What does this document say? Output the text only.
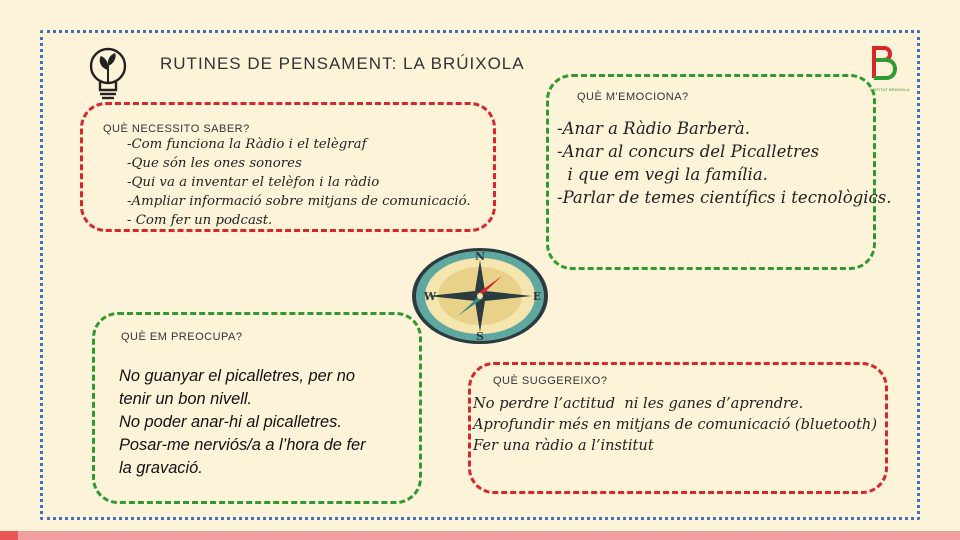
RUTINES DE PENSAMENT: LA BRÚIXOLA
INSTITUT BRÚIXOLA
QUÈ NECESSITO SABER?
-Com funciona la Ràdio i el telègraf
-Que són les ones sonores
-Qui va a inventar el telèfon i la ràdio
-Ampliar informació sobre mitjans de comunicació.
- Com fer un podcast.
QUÈ M'EMOCIONA?
-Anar a Ràdio Barberà.
-Anar al concurs del Picalletres
i que em vegi la família.
-Parlar de temes científics i tecnològics.
N
S
E
W
QUÈ EM PREOCUPA?
No guanyar el picalletres, per no
tenir un bon nivell.
No poder anar-hi al picalletres.
Posar-me nerviós/a a l’hora de fer
la gravació.
QUÈ SUGGEREIXO?
No perdre l’actitud  ni les ganes d’aprendre.
Aprofundir més en mitjans de comunicació (bluetooth)
Fer una ràdio a l’institut
